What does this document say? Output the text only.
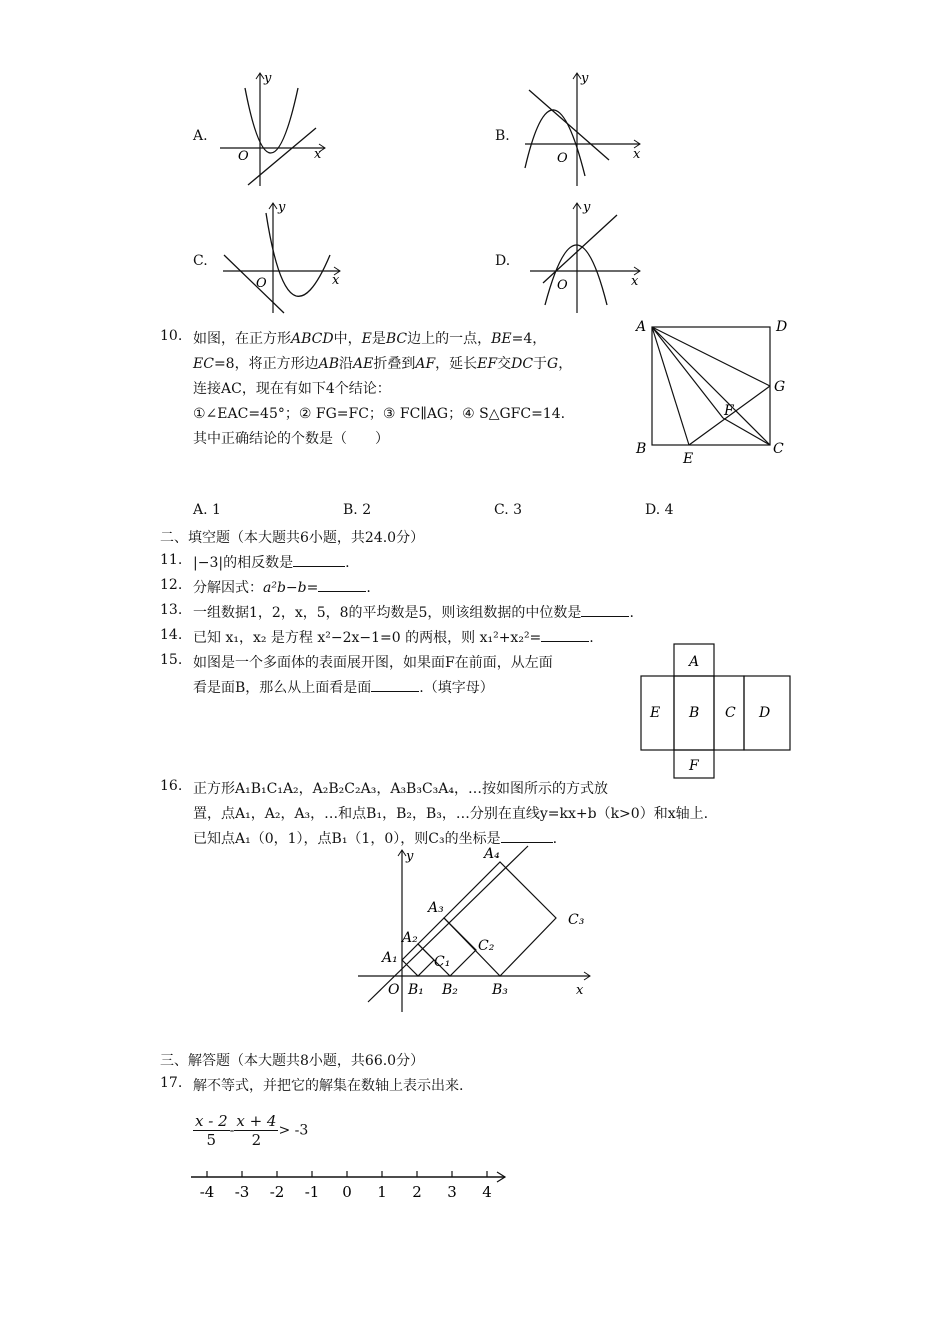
A.
y
O	x
B.
y
O	x
C.
y
O	x
D.
y
O	x
10. 如图，在正方形ABCD中，E是BC边上的一点，BE=4，
EC=8，将正方形边AB沿AE折叠到AF，延长EF交DC于G，
连接AC，现在有如下4个结论：
①∠EAC=45°；② FG=FC；③ FC∥AG；④ S△GFC=14.
其中正确结论的个数是（　　）
A	D
G
F
B
E
C
A. 1	B. 2	C. 3	D. 4
二、填空题（本大题共6小题，共24.0分）
11. |−3|的相反数是	.
12. 分解因式：a²b−b=	.
13. 一组数据1，2，x，5，8的平均数是5，则该组数据的中位数是	.
14. 已知 x₁，x₂ 是方程 x²−2x−1=0 的两根，则 x₁²+x₂²=	.
15. 如图是一个多面体的表面展开图，如果面F在前面，从左面
看是面B，那么从上面看是面	.（填字母）
A
E B C D
F
16. 正方形A₁B₁C₁A₂，A₂B₂C₂A₃，A₃B₃C₃A₄，…按如图所示的方式放
置，点A₁，A₂，A₃，…和点B₁，B₂，B₃，…分别在直线y=kx+b（k>0）和x轴上.
已知点A₁（0，1），点B₁（1，0），则C₃的坐标是	.
y
x
O
A₁
A₂
A₃
A₄
B₁ B₂ B₃
C₁
C₂
C₃
三、解答题（本大题共8小题，共66.0分）
17. 解不等式，并把它的解集在数轴上表示出来.
$\frac{x - 2}{5} - \frac{x + 4}{2} > -3$
-4 -3 -2 -1 0 1 2 3 4
